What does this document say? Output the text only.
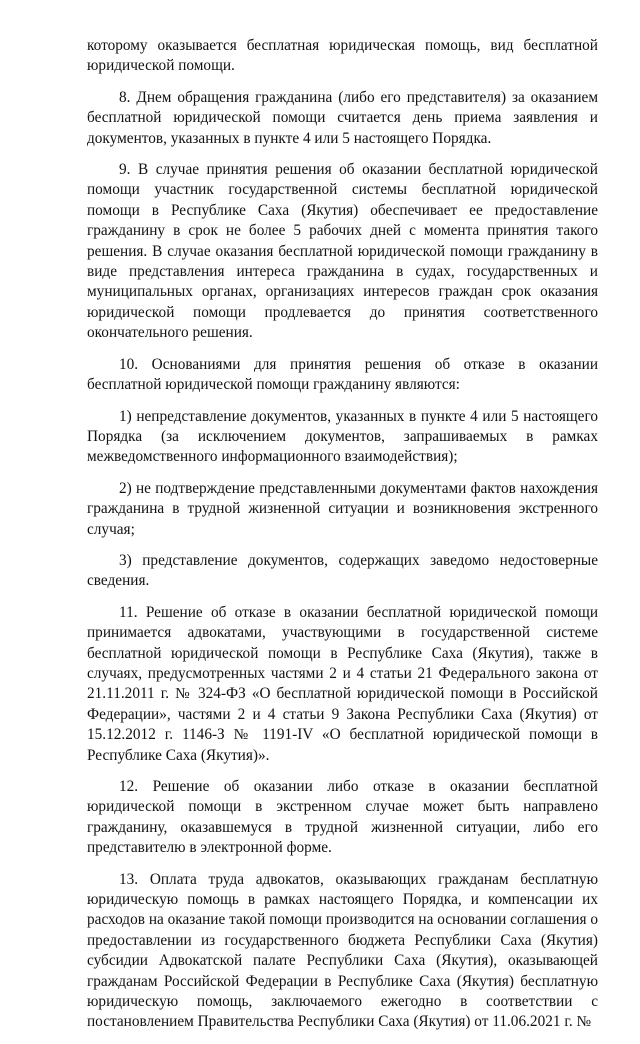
которому оказывается бесплатная юридическая помощь, вид бесплатной юридической помощи.

8. Днем обращения гражданина (либо его представителя) за оказанием бесплатной юридической помощи считается день приема заявления и документов, указанных в пункте 4 или 5 настоящего Порядка.

9. В случае принятия решения об оказании бесплатной юридической помощи участник государственной системы бесплатной юридической помощи в Республике Саха (Якутия) обеспечивает ее предоставление гражданину в срок не более 5 рабочих дней с момента принятия такого решения. В случае оказания бесплатной юридической помощи гражданину в виде представления интереса гражданина в судах, государственных и муниципальных органах, организациях интересов граждан срок оказания юридической помощи продлевается до принятия соответственного окончательного решения.

10. Основаниями для принятия решения об отказе в оказании бесплатной юридической помощи гражданину являются:

1) непредставление документов, указанных в пункте 4 или 5 настоящего Порядка (за исключением документов, запрашиваемых в рамках межведомственного информационного взаимодействия);

2) не подтверждение представленными документами фактов нахождения гражданина в трудной жизненной ситуации и возникновения экстренного случая;

3) представление документов, содержащих заведомо недостоверные сведения.

11. Решение об отказе в оказании бесплатной юридической помощи принимается адвокатами, участвующими в государственной системе бесплатной юридической помощи в Республике Саха (Якутия), также в случаях, предусмотренных частями 2 и 4 статьи 21 Федерального закона от 21.11.2011 г. № 324-ФЗ «О бесплатной юридической помощи в Российской Федерации», частями 2 и 4 статьи 9 Закона Республики Саха (Якутия) от 15.12.2012 г. 1146-З № 1191-IV «О бесплатной юридической помощи в Республике Саха (Якутия)».

12. Решение об оказании либо отказе в оказании бесплатной юридической помощи в экстренном случае может быть направлено гражданину, оказавшемуся в трудной жизненной ситуации, либо его представителю в электронной форме.

13. Оплата труда адвокатов, оказывающих гражданам бесплатную юридическую помощь в рамках настоящего Порядка, и компенсации их расходов на оказание такой помощи производится на основании соглашения о предоставлении из государственного бюджета Республики Саха (Якутия) субсидии Адвокатской палате Республики Саха (Якутия), оказывающей гражданам Российской Федерации в Республике Саха (Якутия) бесплатную юридическую помощь, заключаемого ежегодно в соответствии с постановлением Правительства Республики Саха (Якутия) от 11.06.2021 г. №
